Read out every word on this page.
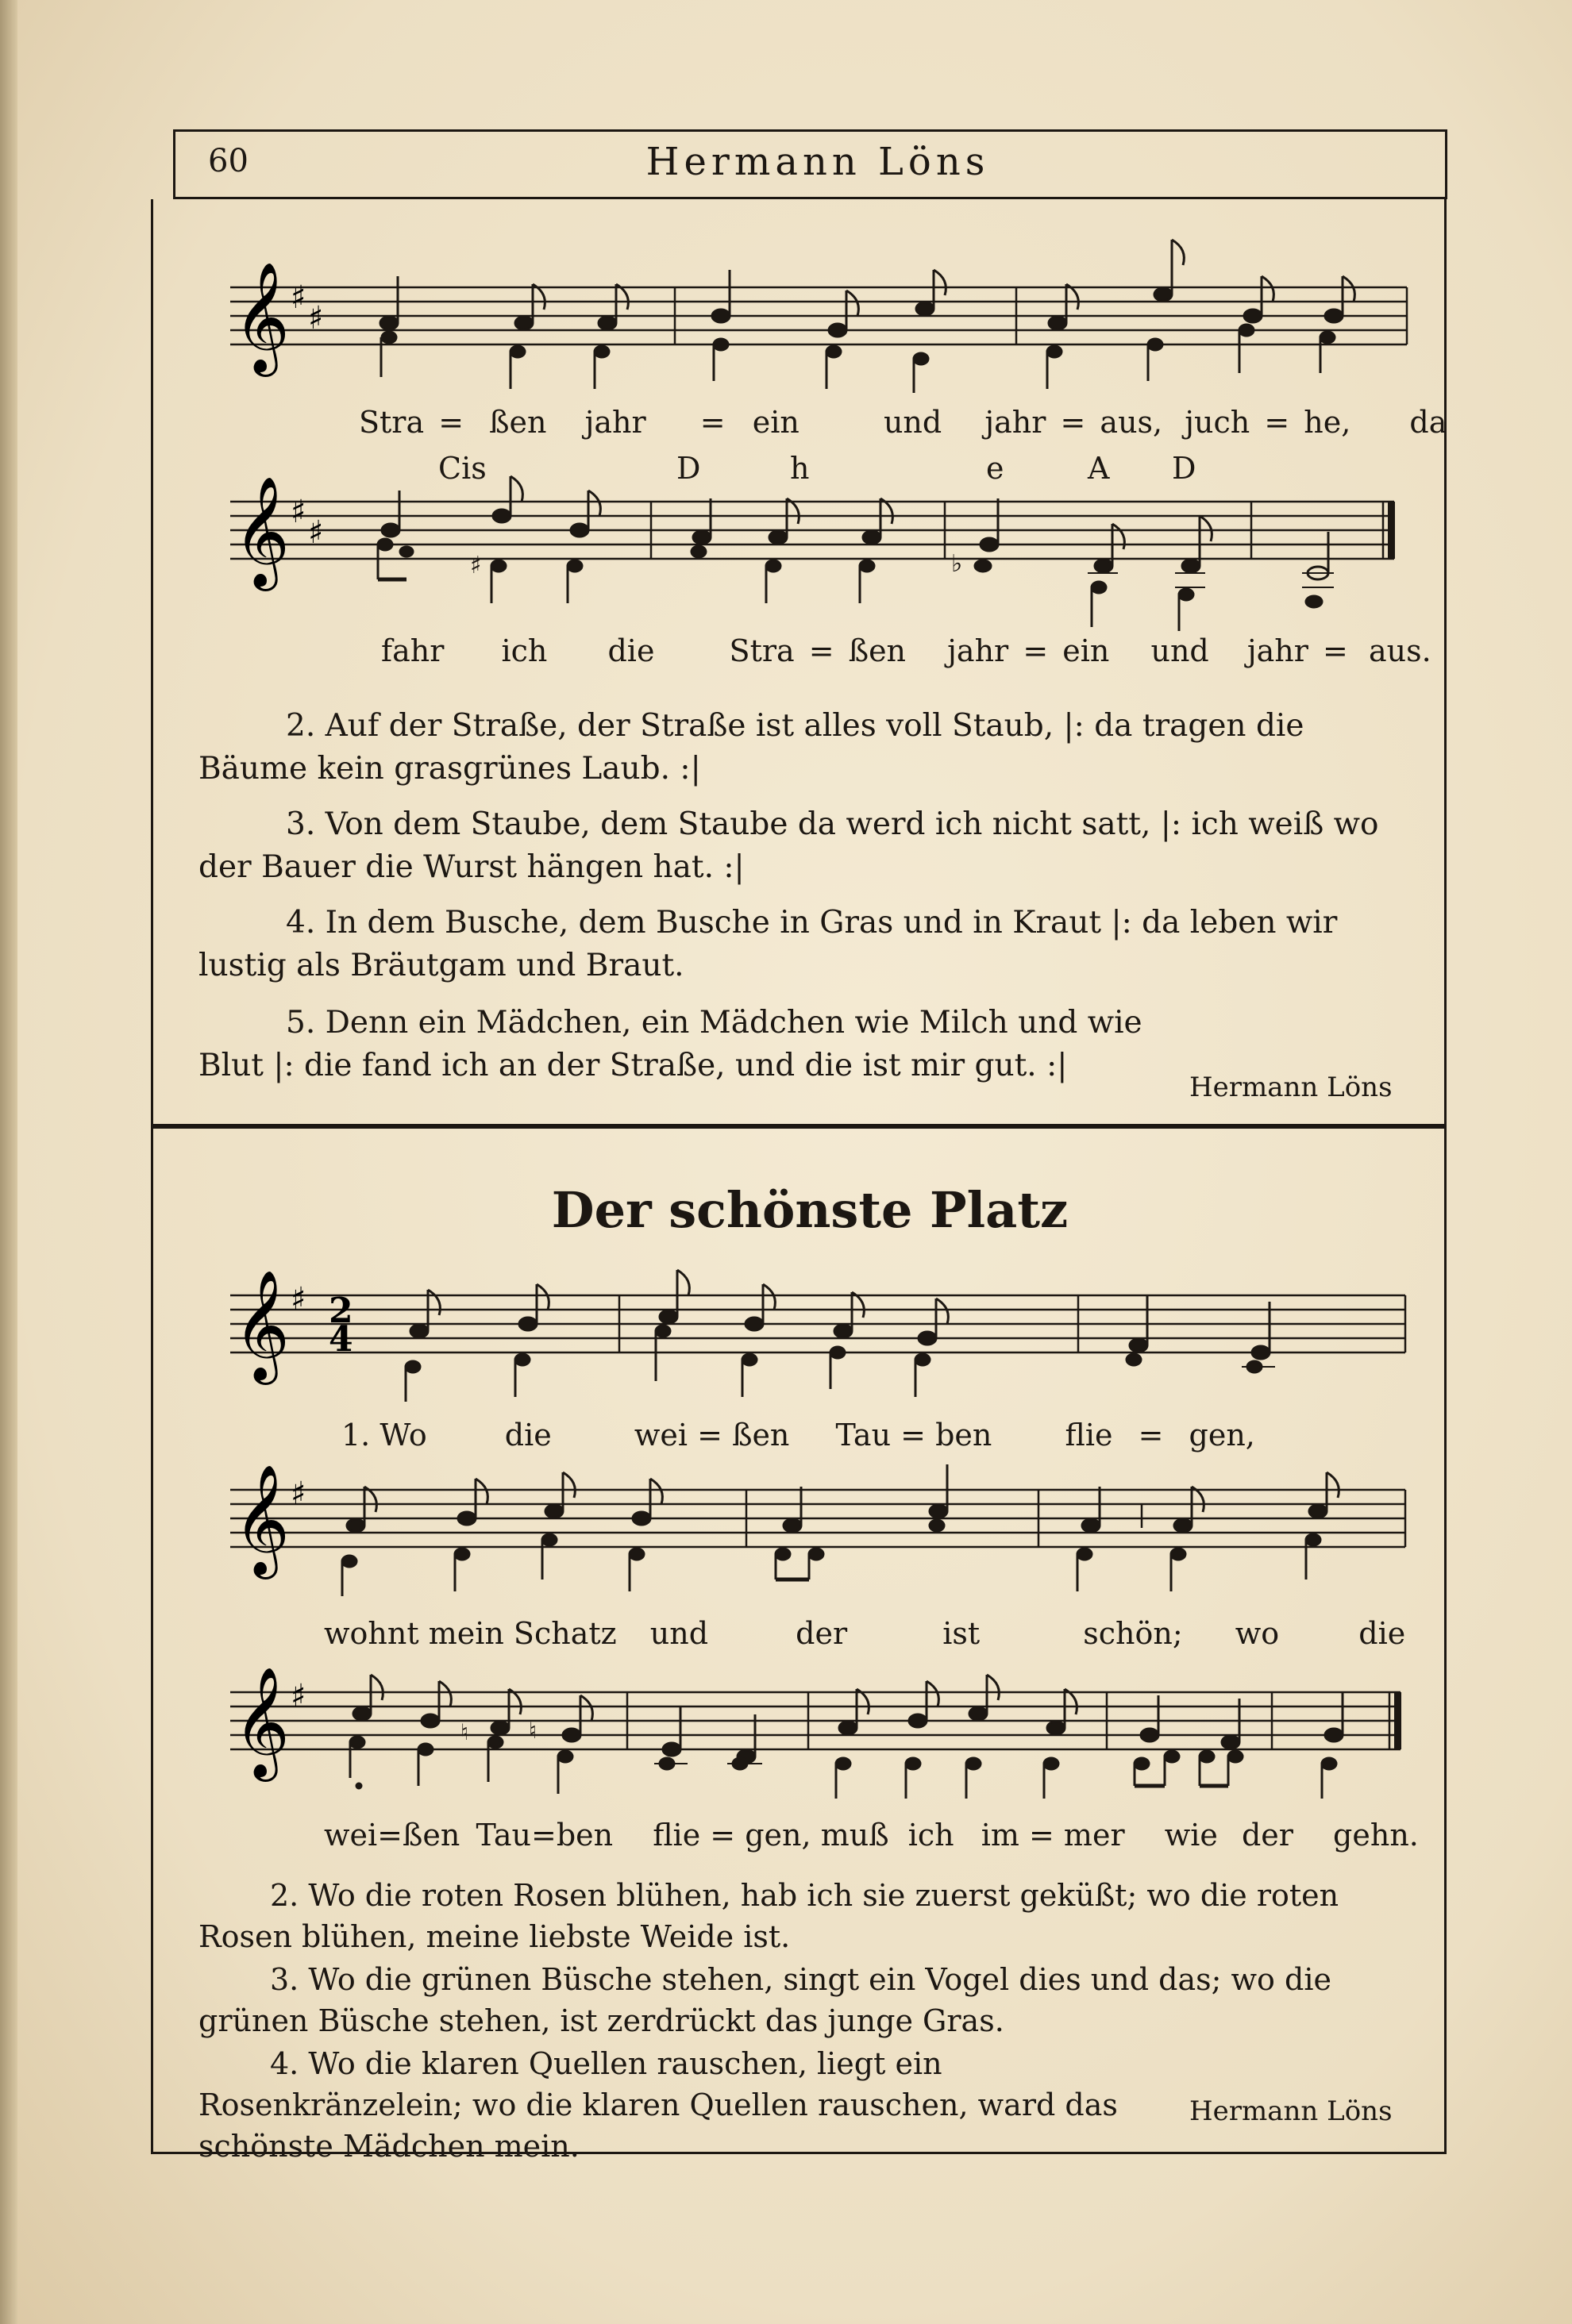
60	Hermann Löns
𝄞 ♯
♯
Stra = ßen jahr = ein	und jahr = aus, juch = he, da
Cis	D	h	e	A D
𝄞 ♯
♯
♯	♭
fahr ich die Stra = ßen jahr = ein und jahr = aus.
2. Auf der Straße, der Straße ist alles voll Staub, |: da tragen die Bäume kein grasgrünes Laub. :|
3. Von dem Staube, dem Staube da werd ich nicht satt, |: ich weiß wo der Bauer die Wurst hängen hat. :|
4. In dem Busche, dem Busche in Gras und in Kraut |: da leben wir lustig als Bräutgam und Braut.
5. Denn ein Mädchen, ein Mädchen wie Milch und wie Blut |: die fand ich an der Straße, und die ist mir gut. :|
Hermann Löns
Der schönste Platz
𝄞 ♯ 2
4
1. Wo	die	wei = ßen Tau = ben flie = gen,
𝄞 ♯
wohnt mein Schatz und	der	ist	schön; wo	die
𝄞 ♯
♮	♮
wei=ßen Tau=ben flie = gen, muß ich im = mer wie der gehn.
2. Wo die roten Rosen blühen, hab ich sie zuerst geküßt; wo die roten Rosen blühen, meine liebste Weide ist.
3. Wo die grünen Büsche stehen, singt ein Vogel dies und das; wo die grünen Büsche stehen, ist zerdrückt das junge Gras.
4. Wo die klaren Quellen rauschen, liegt ein Rosenkränzelein; wo die klaren Quellen rauschen, ward das schönste Mädchen mein.
Hermann Löns
